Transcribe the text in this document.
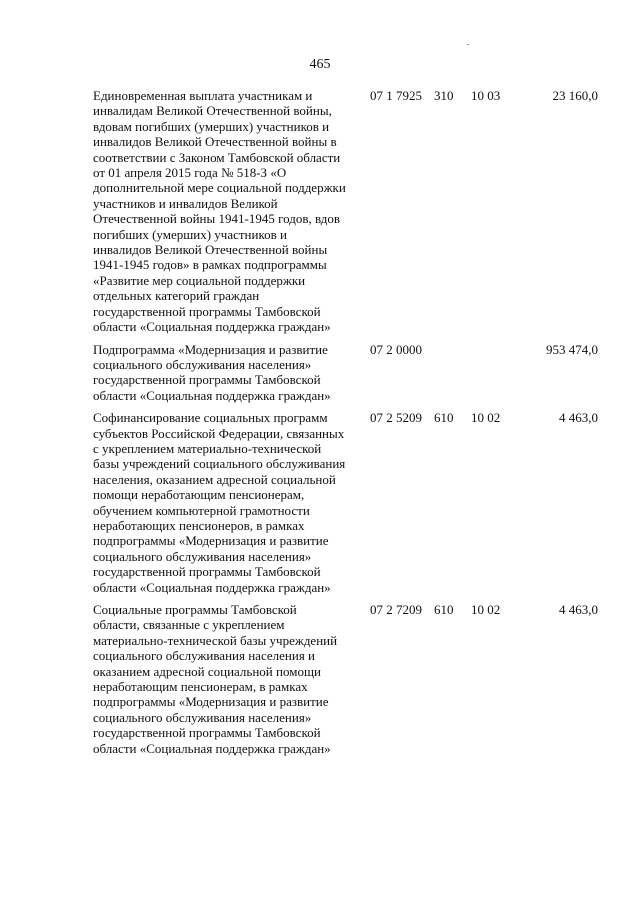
465
Единовременная выплата участникам и
инвалидам Великой Отечественной войны,
вдовам погибших (умерших) участников и
инвалидов Великой Отечественной войны в
соответствии с Законом Тамбовской области
от 01 апреля 2015 года № 518-З «О
дополнительной мере социальной поддержки
участников и инвалидов Великой
Отечественной войны 1941-1945 годов, вдов
погибших (умерших) участников и
инвалидов Великой Отечественной войны
1941-1945 годов» в рамках подпрограммы
«Развитие мер социальной поддержки
отдельных категорий граждан
государственной программы Тамбовской
области «Социальная поддержка граждан»
07 1 7925 310 10 03	23 160,0
Подпрограмма «Модернизация и развитие
социального обслуживания населения»
государственной программы Тамбовской
области «Социальная поддержка граждан»
07 2 0000	953 474,0
Софинансирование социальных программ
субъектов Российской Федерации, связанных
с укреплением материально-технической
базы учреждений социального обслуживания
населения, оказанием адресной социальной
помощи неработающим пенсионерам,
обучением компьютерной грамотности
неработающих пенсионеров, в рамках
подпрограммы «Модернизация и развитие
социального обслуживания населения»
государственной программы Тамбовской
области «Социальная поддержка граждан»
07 2 5209 610 10 02	4 463,0
Социальные программы Тамбовской
области, связанные с укреплением
материально-технической базы учреждений
социального обслуживания населения и
оказанием адресной социальной помощи
неработающим пенсионерам, в рамках
подпрограммы «Модернизация и развитие
социального обслуживания населения»
государственной программы Тамбовской
области «Социальная поддержка граждан»
07 2 7209 610 10 02	4 463,0
